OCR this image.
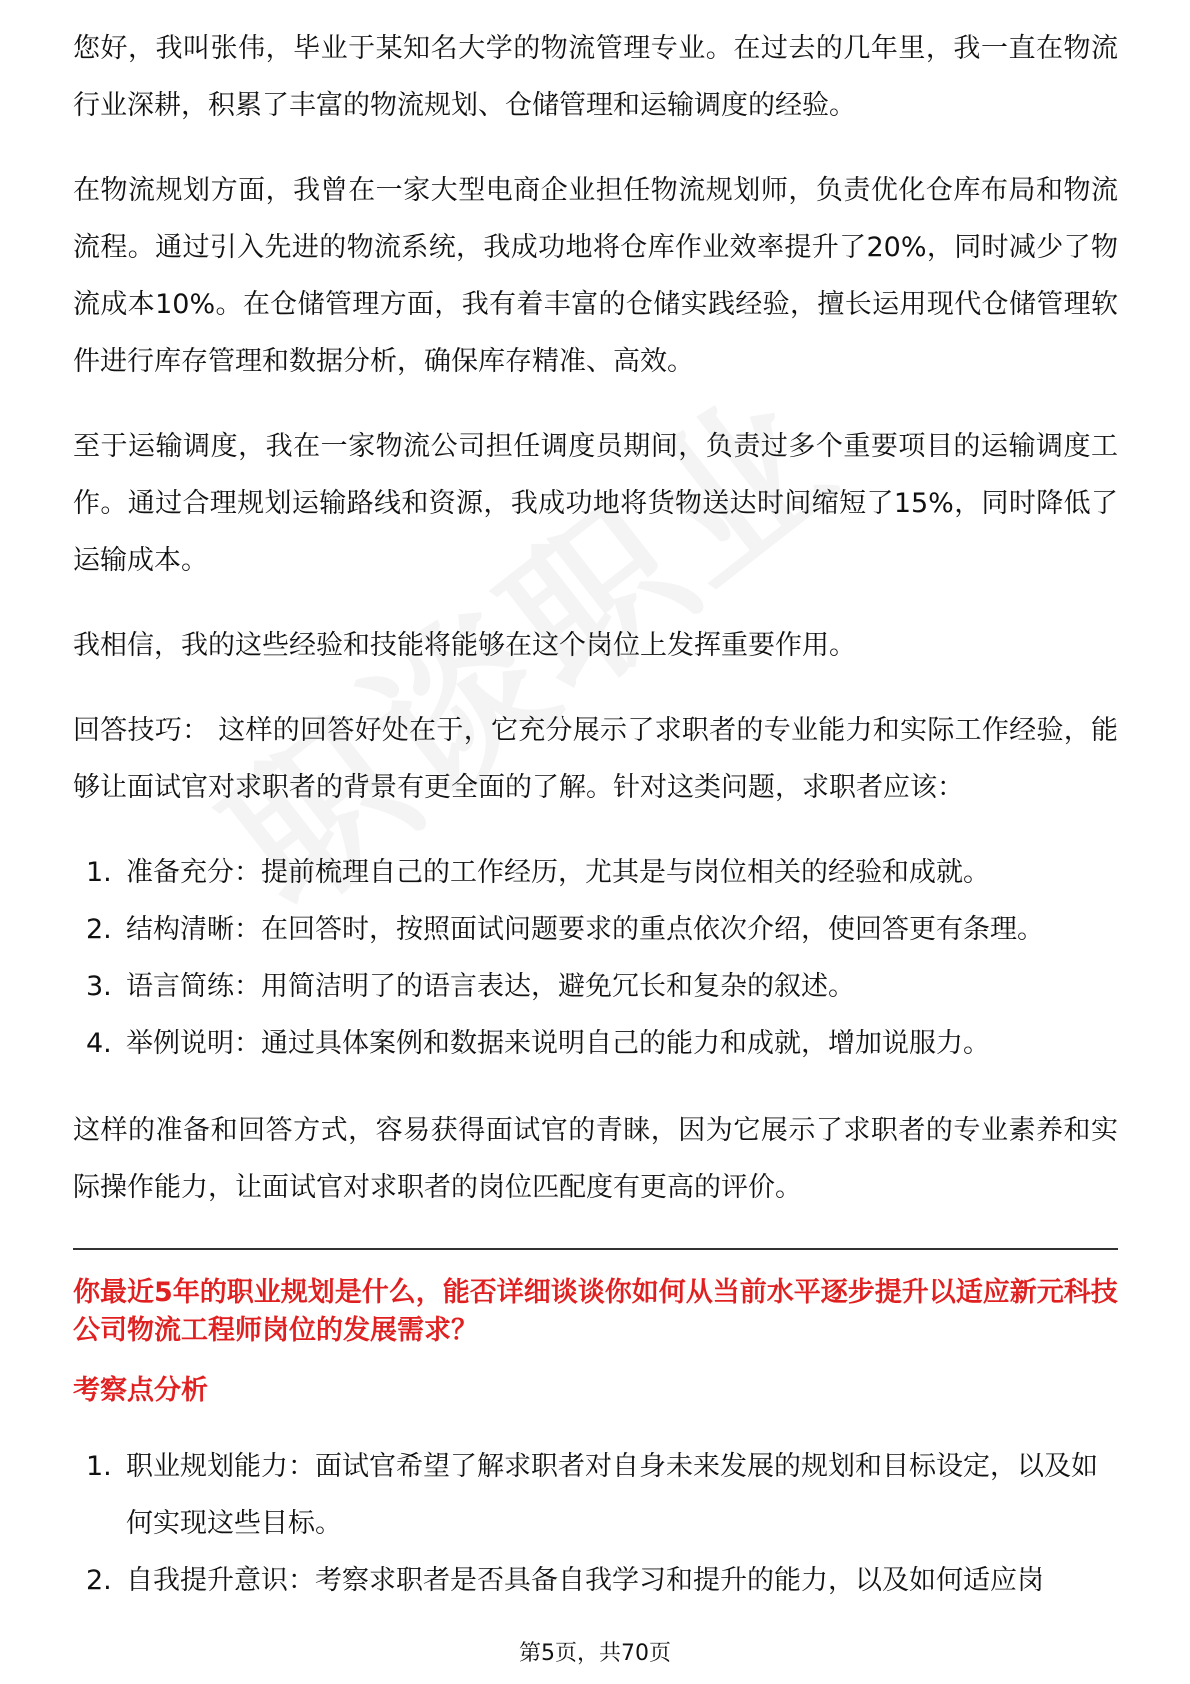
您好，我叫张伟，毕业于某知名大学的物流管理专业。在过去的几年里，我一直在物流行业深耕，积累了丰富的物流规划、仓储管理和运输调度的经验。

在物流规划方面，我曾在一家大型电商企业担任物流规划师，负责优化仓库布局和物流流程。通过引入先进的物流系统，我成功地将仓库作业效率提升了20%，同时减少了物流成本10%。在仓储管理方面，我有着丰富的仓储实践经验，擅长运用现代仓储管理软件进行库存管理和数据分析，确保库存精准、高效。

至于运输调度，我在一家物流公司担任调度员期间，负责过多个重要项目的运输调度工作。通过合理规划运输路线和资源，我成功地将货物送达时间缩短了15%，同时降低了运输成本。

我相信，我的这些经验和技能将能够在这个岗位上发挥重要作用。

回答技巧： 这样的回答好处在于，它充分展示了求职者的专业能力和实际工作经验，能够让面试官对求职者的背景有更全面的了解。针对这类问题，求职者应该：

1. 准备充分：提前梳理自己的工作经历，尤其是与岗位相关的经验和成就。
2. 结构清晰：在回答时，按照面试问题要求的重点依次介绍，使回答更有条理。
3. 语言简练：用简洁明了的语言表达，避免冗长和复杂的叙述。
4. 举例说明：通过具体案例和数据来说明自己的能力和成就，增加说服力。

这样的准备和回答方式，容易获得面试官的青睐，因为它展示了求职者的专业素养和实际操作能力，让面试官对求职者的岗位匹配度有更高的评价。

你最近5年的职业规划是什么，能否详细谈谈你如何从当前水平逐步提升以适应新元科技公司物流工程师岗位的发展需求？
考察点分析
1. 职业规划能力：面试官希望了解求职者对自身未来发展的规划和目标设定，以及如何实现这些目标。
2. 自我提升意识：考察求职者是否具备自我学习和提升的能力，以及如何适应岗
第5页，共70页
